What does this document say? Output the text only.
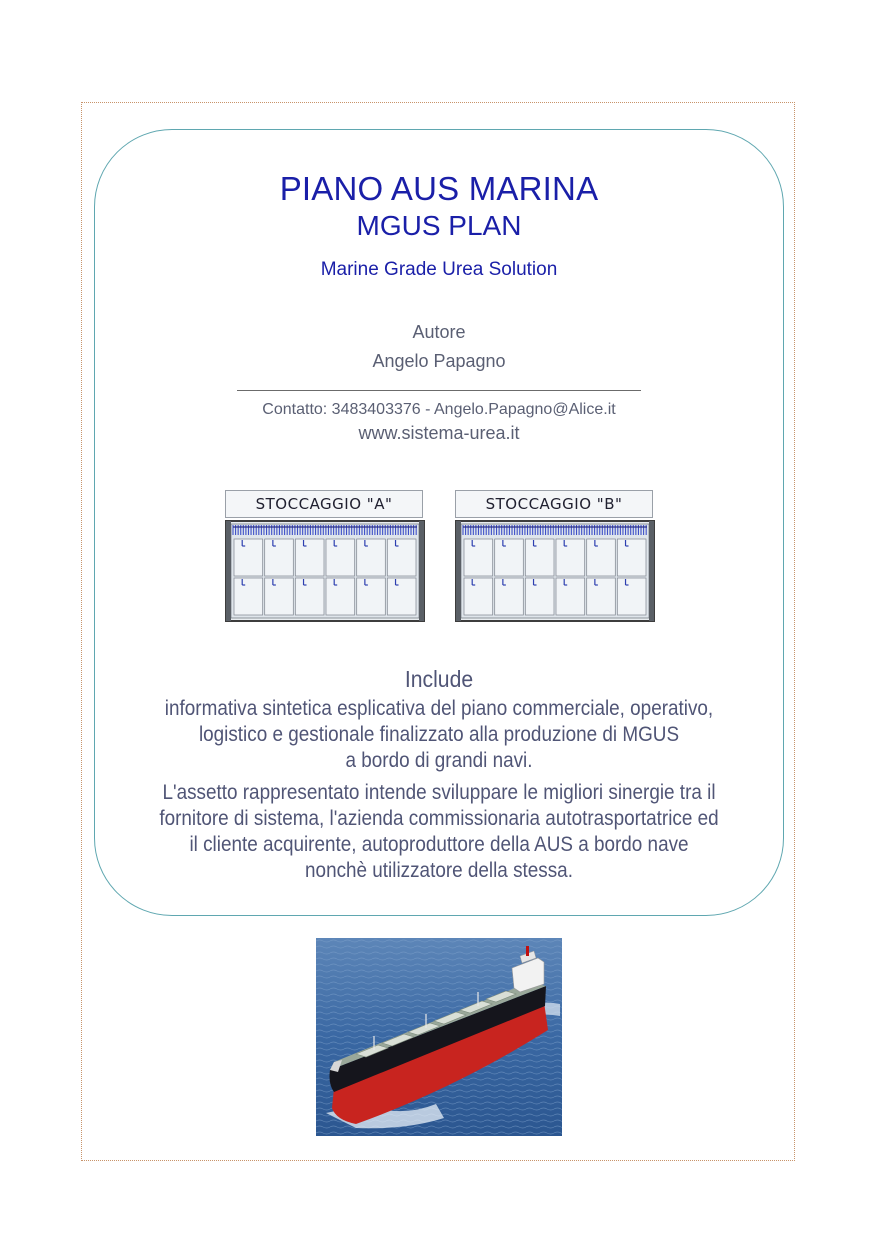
PIANO AUS MARINA
MGUS PLAN

Marine Grade Urea Solution

Autore

Angelo Papagno

Contatto: 3483403376 - Angelo.Papagno@Alice.it

www.sistema-urea.it

STOCCAGGIO "A"	STOCCAGGIO "B"

Include

informativa sintetica esplicativa del piano commerciale, operativo,
logistico e gestionale finalizzato alla produzione di MGUS
a bordo di grandi navi.

L'assetto rappresentato intende sviluppare le migliori sinergie tra il
fornitore di sistema, l'azienda commissionaria autotrasportatrice ed
il cliente acquirente, autoproduttore della AUS a bordo nave
nonchè utilizzatore della stessa.
